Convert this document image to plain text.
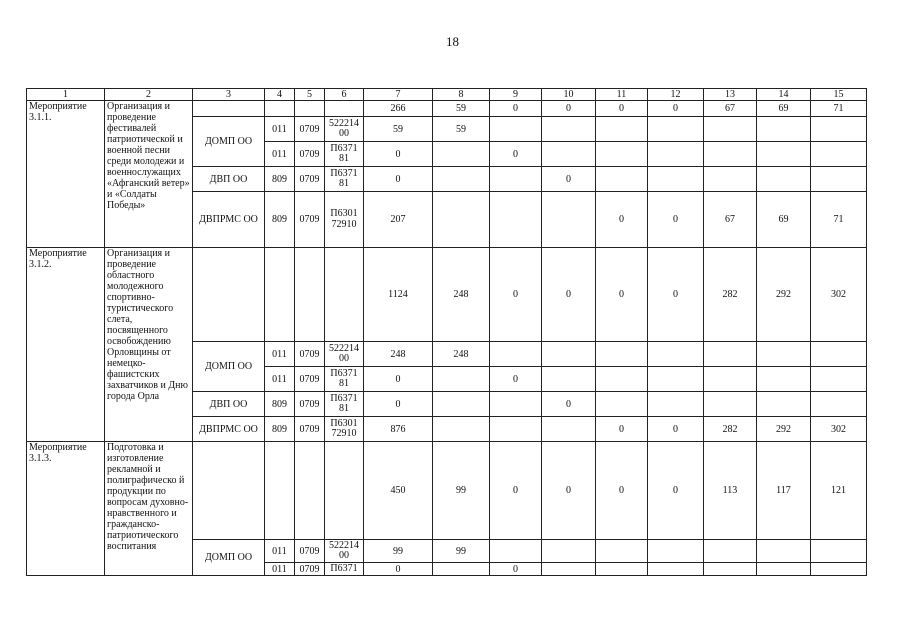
18
1	2	3	4	5	6	7	8	9	10	11	12	13	14	15
Мероприятие 3.1.1.	Организация и проведение фестивалей патриотической и военной песни среди молодежи и военнослужащих «Афганский ветер» и «Солдаты Победы»					266	59	0	0	0	0	67	69	71
		ДОМП ОО	011	0709	522214 00	59	59							
			011	0709	П6371 81	0		0						
		ДВП ОО	809	0709	П6371 81	0			0					
		ДВПРМС ОО	809	0709	П6301 72910	207				0	0	67	69	71

Мероприятие 3.1.2.	Организация и проведение областного молодежного спортивно-туристического слета, посвященного освобождению Орловщины от немецко-фашистских захватчиков и Дню города Орла					1124	248	0	0	0	0	282	292	302
		ДОМП ОО	011	0709	522214 00	248	248							
			011	0709	П6371 81	0		0						
		ДВП ОО	809	0709	П6371 81	0			0					
		ДВПРМС ОО	809	0709	П6301 72910	876				0	0	282	292	302
Мероприятие 3.1.3.	Подготовка и изготовление рекламной и полиграфическо й продукции по вопросам духовно-нравственного и гражданско-патриотического воспитания					450	99	0	0	0	0	113	117	121
		ДОМП ОО	011	0709	522214 00	99	99							
			011	0709	П6371	0		0						
